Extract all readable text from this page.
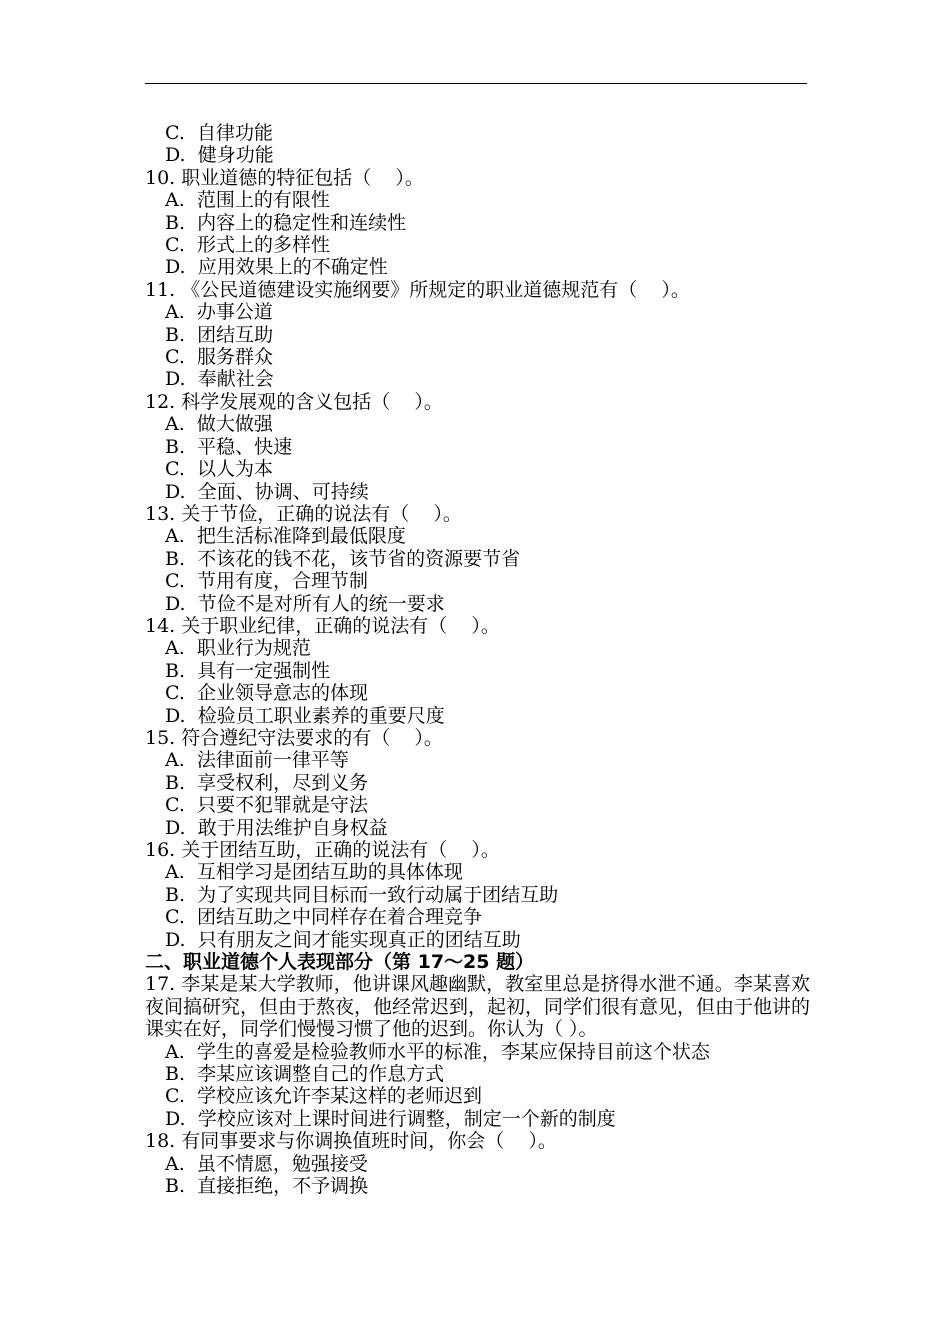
C. 自律功能
D. 健身功能
10. 职业道德的特征包括（    ）。
A. 范围上的有限性
B. 内容上的稳定性和连续性
C. 形式上的多样性
D. 应用效果上的不确定性
11. 《公民道德建设实施纲要》所规定的职业道德规范有（    ）。
A. 办事公道
B. 团结互助
C. 服务群众
D. 奉献社会
12. 科学发展观的含义包括（    ）。
A. 做大做强
B. 平稳、快速
C. 以人为本
D. 全面、协调、可持续
13. 关于节俭，正确的说法有（    ）。
A. 把生活标准降到最低限度
B. 不该花的钱不花，该节省的资源要节省
C. 节用有度，合理节制
D. 节俭不是对所有人的统一要求
14. 关于职业纪律，正确的说法有（    ）。
A. 职业行为规范
B. 具有一定强制性
C. 企业领导意志的体现
D. 检验员工职业素养的重要尺度
15. 符合遵纪守法要求的有（    ）。
A. 法律面前一律平等
B. 享受权利，尽到义务
C. 只要不犯罪就是守法
D. 敢于用法维护自身权益
16. 关于团结互助，正确的说法有（    ）。
A. 互相学习是团结互助的具体体现
B. 为了实现共同目标而一致行动属于团结互助
C. 团结互助之中同样存在着合理竞争
D. 只有朋友之间才能实现真正的团结互助
二、职业道德个人表现部分（第 17～25 题）
17. 李某是某大学教师，他讲课风趣幽默，教室里总是挤得水泄不通。李某喜欢夜间搞研究，但由于熬夜，他经常迟到，起初，同学们很有意见，但由于他讲的课实在好，同学们慢慢习惯了他的迟到。你认为（ ）。
A. 学生的喜爱是检验教师水平的标准，李某应保持目前这个状态
B. 李某应该调整自己的作息方式
C. 学校应该允许李某这样的老师迟到
D. 学校应该对上课时间进行调整，制定一个新的制度
18. 有同事要求与你调换值班时间，你会（    ）。
A. 虽不情愿，勉强接受
B. 直接拒绝，不予调换
